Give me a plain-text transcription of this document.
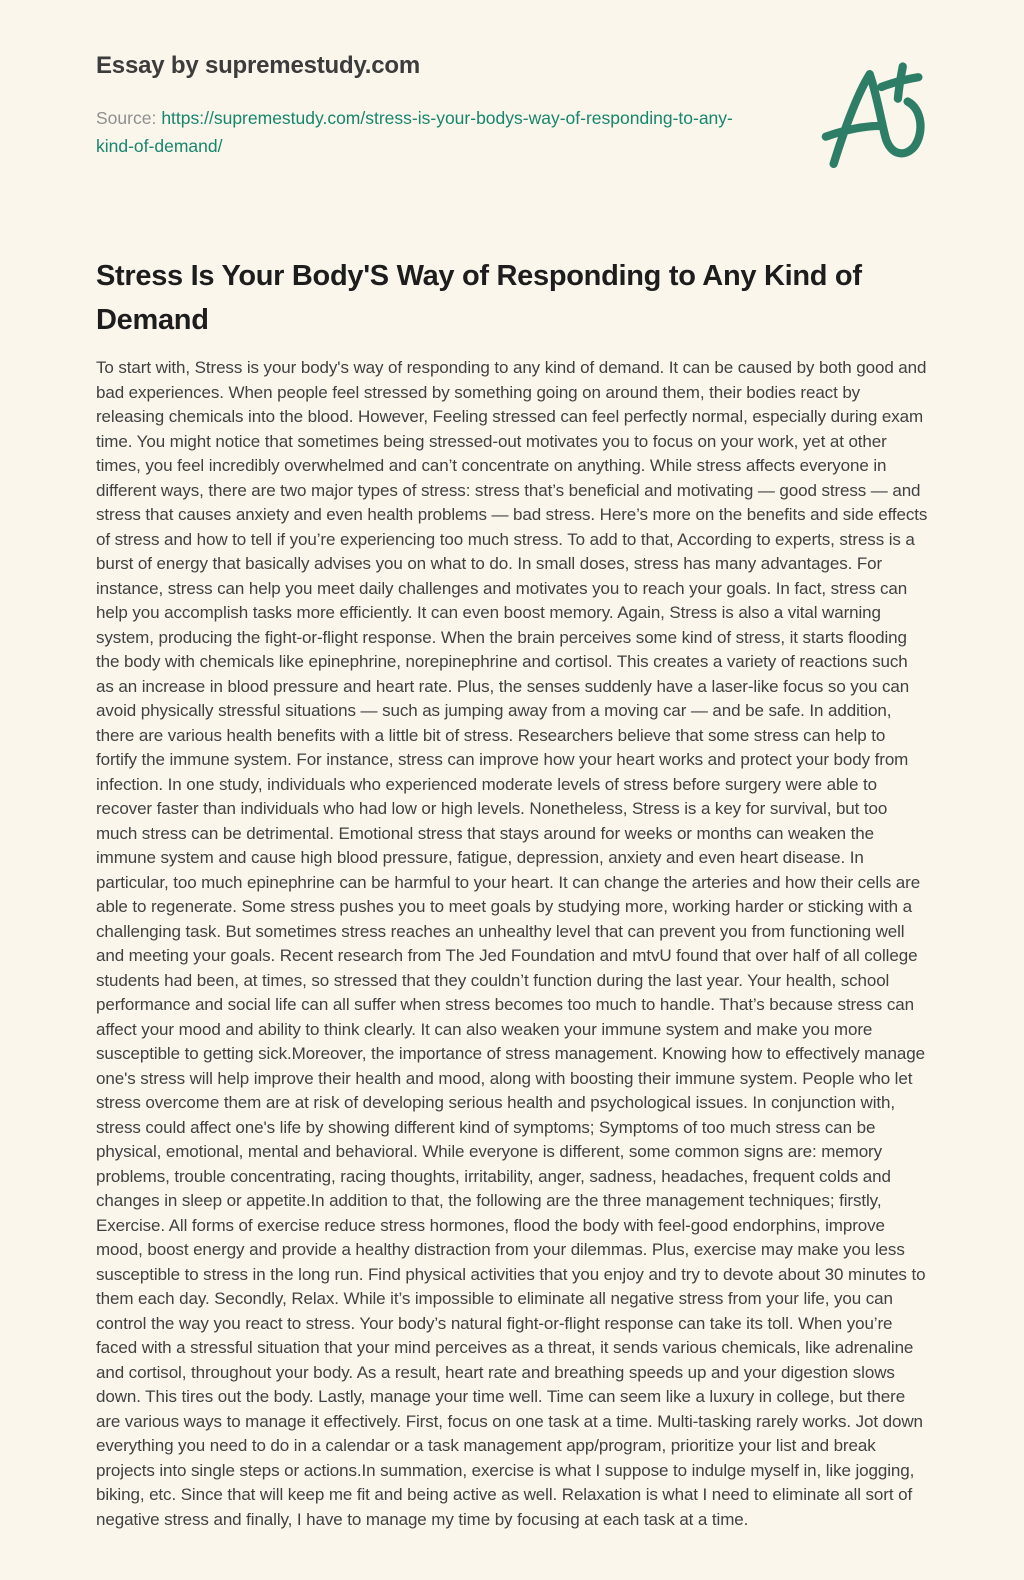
Essay by supremestudy.com

Source: https://supremestudy.com/stress-is-your-bodys-way-of-responding-to-any-kind-of-demand/

Stress Is Your Body'S Way of Responding to Any Kind of Demand

To start with, Stress is your body's way of responding to any kind of demand. It can be caused by both good and bad experiences. When people feel stressed by something going on around them, their bodies react by releasing chemicals into the blood. However, Feeling stressed can feel perfectly normal, especially during exam time. You might notice that sometimes being stressed-out motivates you to focus on your work, yet at other times, you feel incredibly overwhelmed and can’t concentrate on anything. While stress affects everyone in different ways, there are two major types of stress: stress that’s beneficial and motivating — good stress — and stress that causes anxiety and even health problems — bad stress. Here’s more on the benefits and side effects of stress and how to tell if you’re experiencing too much stress. To add to that, According to experts, stress is a burst of energy that basically advises you on what to do. In small doses, stress has many advantages. For instance, stress can help you meet daily challenges and motivates you to reach your goals. In fact, stress can help you accomplish tasks more efficiently. It can even boost memory. Again, Stress is also a vital warning system, producing the fight-or-flight response. When the brain perceives some kind of stress, it starts flooding the body with chemicals like epinephrine, norepinephrine and cortisol. This creates a variety of reactions such as an increase in blood pressure and heart rate. Plus, the senses suddenly have a laser-like focus so you can avoid physically stressful situations — such as jumping away from a moving car — and be safe. In addition, there are various health benefits with a little bit of stress. Researchers believe that some stress can help to fortify the immune system. For instance, stress can improve how your heart works and protect your body from infection. In one study, individuals who experienced moderate levels of stress before surgery were able to recover faster than individuals who had low or high levels. Nonetheless, Stress is a key for survival, but too much stress can be detrimental. Emotional stress that stays around for weeks or months can weaken the immune system and cause high blood pressure, fatigue, depression, anxiety and even heart disease. In particular, too much epinephrine can be harmful to your heart. It can change the arteries and how their cells are able to regenerate. Some stress pushes you to meet goals by studying more, working harder or sticking with a challenging task. But sometimes stress reaches an unhealthy level that can prevent you from functioning well and meeting your goals. Recent research from The Jed Foundation and mtvU found that over half of all college students had been, at times, so stressed that they couldn’t function during the last year. Your health, school performance and social life can all suffer when stress becomes too much to handle. That’s because stress can affect your mood and ability to think clearly. It can also weaken your immune system and make you more susceptible to getting sick.Moreover, the importance of stress management. Knowing how to effectively manage one's stress will help improve their health and mood, along with boosting their immune system. People who let stress overcome them are at risk of developing serious health and psychological issues. In conjunction with, stress could affect one's life by showing different kind of symptoms; Symptoms of too much stress can be physical, emotional, mental and behavioral. While everyone is different, some common signs are: memory problems, trouble concentrating, racing thoughts, irritability, anger, sadness, headaches, frequent colds and changes in sleep or appetite.In addition to that, the following are the three management techniques; firstly, Exercise. All forms of exercise reduce stress hormones, flood the body with feel-good endorphins, improve mood, boost energy and provide a healthy distraction from your dilemmas. Plus, exercise may make you less susceptible to stress in the long run. Find physical activities that you enjoy and try to devote about 30 minutes to them each day. Secondly, Relax. While it’s impossible to eliminate all negative stress from your life, you can control the way you react to stress. Your body’s natural fight-or-flight response can take its toll. When you’re faced with a stressful situation that your mind perceives as a threat, it sends various chemicals, like adrenaline and cortisol, throughout your body. As a result, heart rate and breathing speeds up and your digestion slows down. This tires out the body. Lastly, manage your time well. Time can seem like a luxury in college, but there are various ways to manage it effectively. First, focus on one task at a time. Multi-tasking rarely works. Jot down everything you need to do in a calendar or a task management app/program, prioritize your list and break projects into single steps or actions.In summation, exercise is what I suppose to indulge myself in, like jogging, biking, etc. Since that will keep me fit and being active as well. Relaxation is what I need to eliminate all sort of negative stress and finally, I have to manage my time by focusing at each task at a time.
